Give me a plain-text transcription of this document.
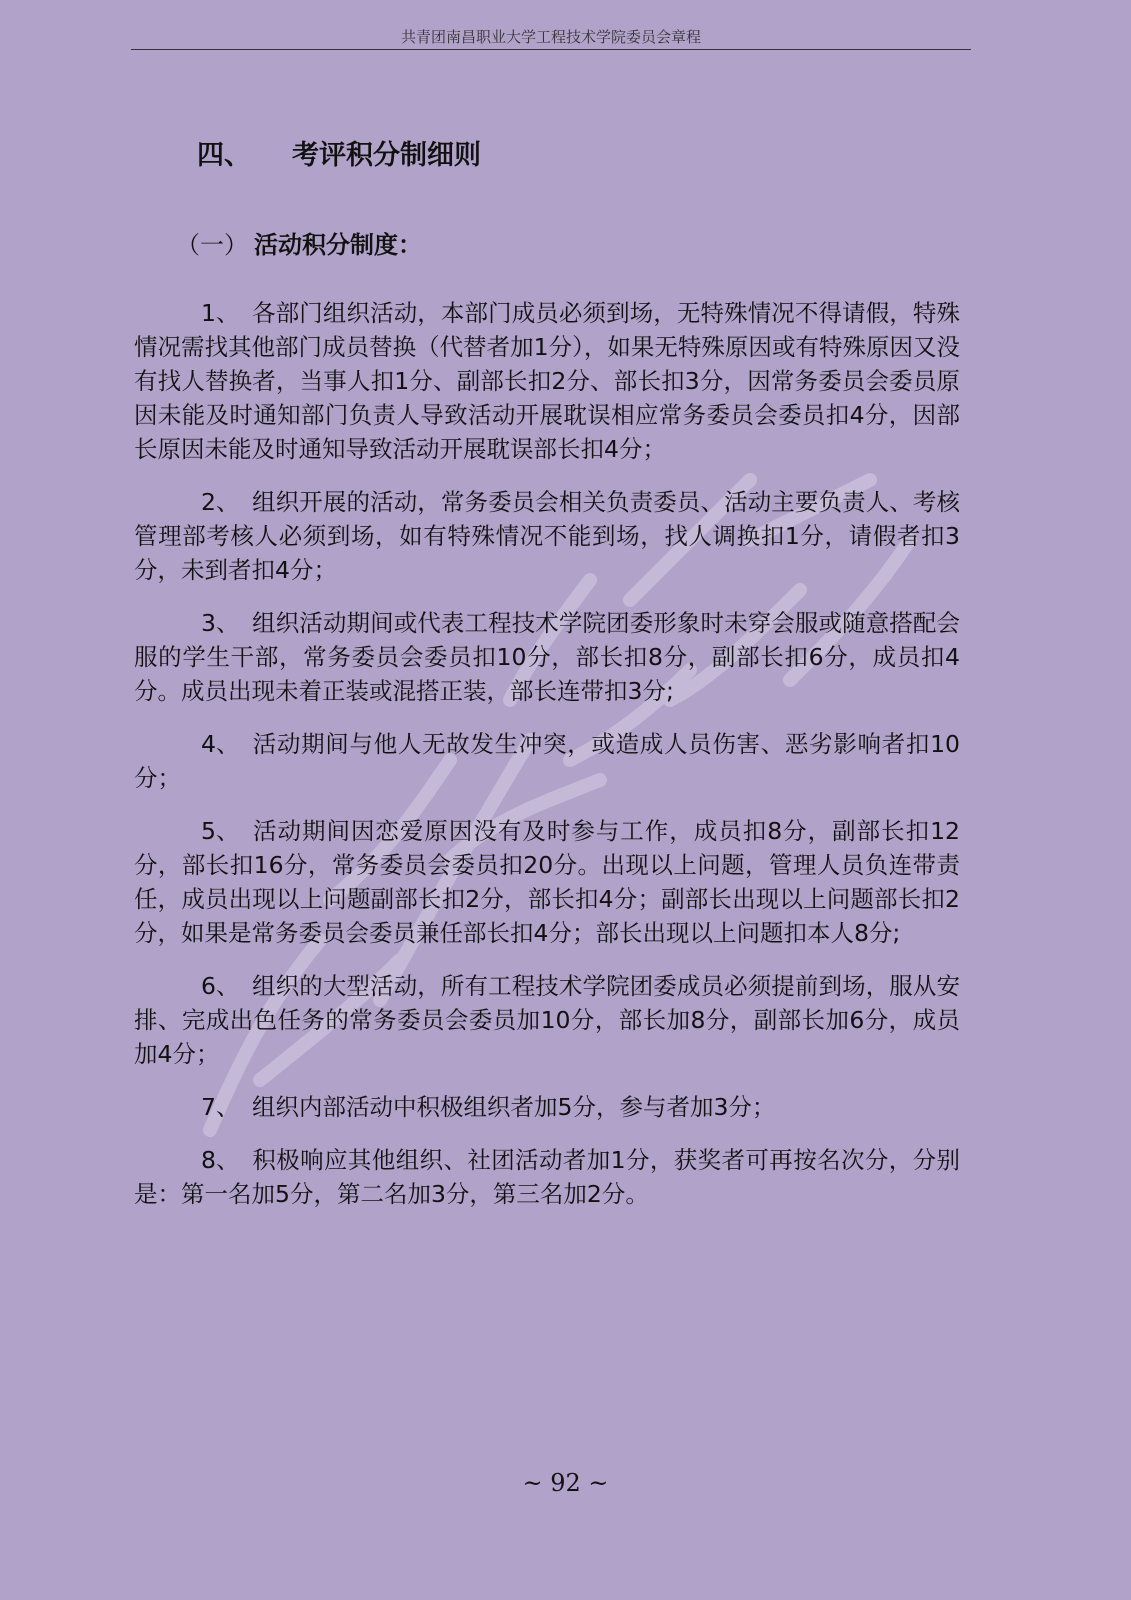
共青团南昌职业大学工程技术学院委员会章程
四、 考评积分制细则
（一） 活动积分制度：

1、 各部门组织活动，本部门成员必须到场，无特殊情况不得请假，特殊情况需找其他部门成员替换（代替者加1分），如果无特殊原因或有特殊原因又没有找人替换者，当事人扣1分、副部长扣2分、部长扣3分，因常务委员会委员原因未能及时通知部门负责人导致活动开展耽误相应常务委员会委员扣4分，因部长原因未能及时通知导致活动开展耽误部长扣4分；

2、 组织开展的活动，常务委员会相关负责委员、活动主要负责人、考核管理部考核人必须到场，如有特殊情况不能到场，找人调换扣1分，请假者扣3分，未到者扣4分；

3、 组织活动期间或代表工程技术学院团委形象时未穿会服或随意搭配会服的学生干部，常务委员会委员扣10分，部长扣8分，副部长扣6分，成员扣4分。成员出现未着正装或混搭正装，部长连带扣3分;

4、 活动期间与他人无故发生冲突，或造成人员伤害、恶劣影响者扣10分；

5、 活动期间因恋爱原因没有及时参与工作，成员扣8分，副部长扣12分，部长扣16分，常务委员会委员扣20分。出现以上问题，管理人员负连带责任，成员出现以上问题副部长扣2分，部长扣4分；副部长出现以上问题部长扣2分，如果是常务委员会委员兼任部长扣4分；部长出现以上问题扣本人8分;

6、 组织的大型活动，所有工程技术学院团委成员必须提前到场，服从安排、完成出色任务的常务委员会委员加10分，部长加8分，副部长加6分，成员加4分；

7、 组织内部活动中积极组织者加5分，参与者加3分；

8、 积极响应其他组织、社团活动者加1分，获奖者可再按名次分，分别是：第一名加5分，第二名加3分，第三名加2分。

~ 92 ~
